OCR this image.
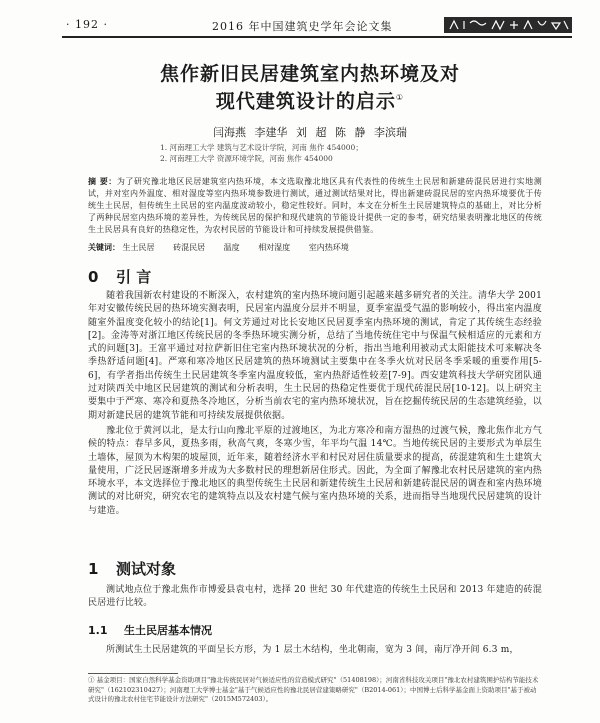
· 192 ·	2016 年中国建筑史学年会论文集
焦作新旧民居建筑室内热环境及对
现代建筑设计的启示①
闫海燕 李建华 刘 超 陈 静 李滨瑞
1. 河南理工大学 建筑与艺术设计学院，河南 焦作 454000；
2. 河南理工大学 资源环境学院，河南 焦作 454000
摘 要：为了研究豫北地区民居建筑室内热环境，本文选取豫北地区具有代表性的传统生土民居和新建砖混民居进行实地测试，并对室内外温度、相对湿度等室内热环境参数进行测试，通过测试结果对比，得出新建砖混民居的室内热环境要优于传统生土民居，但传统生土民居的室内温度波动较小，稳定性较好。同时，本文在分析生土民居建筑特点的基础上，对比分析了两种民居室内热环境的差异性，为传统民居的保护和现代建筑的节能设计提供一定的参考，研究结果表明豫北地区的传统生土民居具有良好的热稳定性，为农村民居的节能设计和可持续发展提供借鉴。
关键词： 生土民居 砖混民居 温度 相对湿度 室内热环境
0 引 言
随着我国新农村建设的不断深入，农村建筑的室内热环境问题引起越来越多研究者的关注。清华大学 2001 年对安徽传统民居的热环境实测表明，民居室内温度分层并不明显，夏季室温受气温的影响较小，得出室内温度随室外温度变化较小的结论[1]。何文芳通过对比长安地区民居夏季室内热环境的测试，肯定了其传统生态经验[2]。金涛等对浙江地区传统民居的冬季热环境实测分析，总结了当地传统住宅中与保温气候相适应的元素和方式的问题[3]。王富平通过对拉萨新旧住宅室内热环境状况的分析，指出当地利用被动式太阳能技术可来解决冬季热舒适问题[4]。严寒和寒冷地区民居建筑的热环境测试主要集中在冬季火炕对民居冬季采暖的重要作用[5-6]，有学者指出传统生土民居建筑冬季室内温度较低，室内热舒适性较差[7-9]。西安建筑科技大学研究团队通过对陕西关中地区民居建筑的测试和分析表明，生土民居的热稳定性要优于现代砖混民居[10-12]。以上研究主要集中于严寒、寒冷和夏热冬冷地区，分析当前农宅的室内热环境状况，旨在挖掘传统民居的生态建筑经验，以期对新建民居的建筑节能和可持续发展提供依据。
豫北位于黄河以北，是太行山向豫北平原的过渡地区，为北方寒冷和南方湿热的过渡气候，豫北焦作北方气候的特点：春早多风，夏热多雨，秋高气爽，冬寒少雪，年平均气温 14℃。当地传统民居的主要形式为单层生土墙体，屋顶为木构架的坡屋顶，近年来，随着经济水平和村民对居住质量要求的提高，砖混建筑和生土建筑大量使用，广泛民居逐渐增多并成为大多数村民的理想新居住形式。因此，为全面了解豫北农村民居建筑的室内热环境水平，本文选择位于豫北地区的典型传统生土民居和新建传统生土民居和新建砖混民居的调查和室内热环境测试的对比研究，研究农宅的建筑特点以及农村建气候与室内热环境的关系，进而指导当地现代民居建筑的设计与建造。
1 测试对象
测试地点位于豫北焦作市博爱县袁屯村，选择 20 世纪 30 年代建造的传统生土民居和 2013 年建造的砖混民居进行比较。
1.1 生土民居基本情况
所测试生土民居建筑的平面呈长方形，为 1 层土木结构，坐北朝南，宽为 3 间，南厅净开间 6.3 m，
① 基金项目：国家自然科学基金资助项目"豫北传统民居对气候适应性的营造模式研究"（51408198）；河南省科技攻关项目"豫北农村建筑围护结构节能技术研究"（162102310427）；河南理工大学博士基金"基于气候适应性的豫北民居营建策略研究"（B2014-061）；中国博士后科学基金面上资助项目"基于被动式设计的豫北农村住宅节能设计方法研究"（2015M572403）。
